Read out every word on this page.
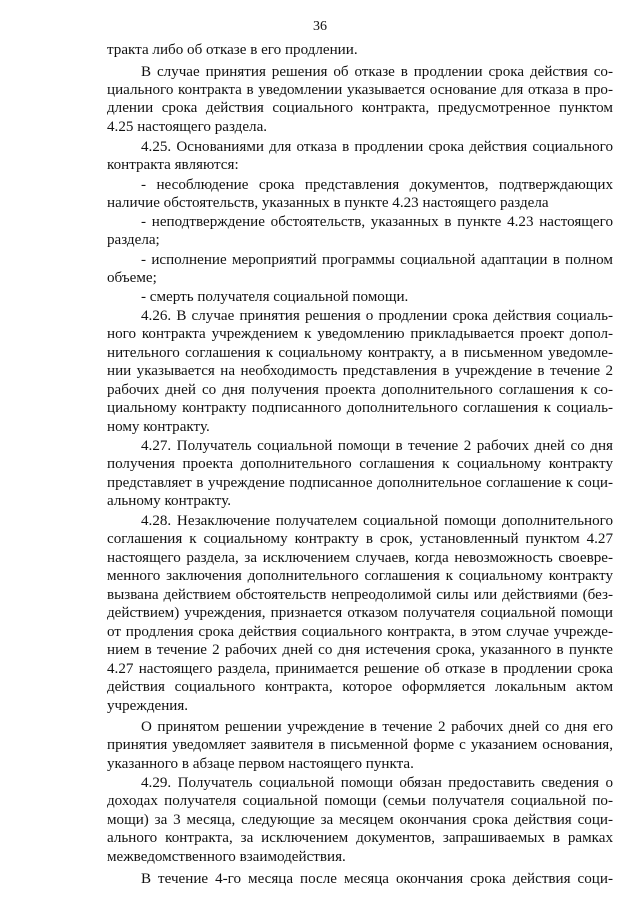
36
тракта либо об отказе в его продлении.
В случае принятия решения об отказе в продлении срока действия со-
циального контракта в уведомлении указывается основание для отказа в про-
длении срока действия социального контракта, предусмотренное пунктом
4.25 настоящего раздела.
4.25. Основаниями для отказа в продлении срока действия социального
контракта являются:
- несоблюдение срока представления документов, подтверждающих
наличие обстоятельств, указанных в пункте 4.23 настоящего раздела
- неподтверждение обстоятельств, указанных в пункте 4.23 настоящего
раздела;
- исполнение мероприятий программы социальной адаптации в полном
объеме;
- смерть получателя социальной помощи.
4.26. В случае принятия решения о продлении срока действия социаль-
ного контракта учреждением к уведомлению прикладывается проект допол-
нительного соглашения к социальному контракту, а в письменном уведомле-
нии указывается на необходимость представления в учреждение в течение 2
рабочих дней со дня получения проекта дополнительного соглашения к со-
циальному контракту подписанного дополнительного соглашения к социаль-
ному контракту.
4.27. Получатель социальной помощи в течение 2 рабочих дней со дня
получения проекта дополнительного соглашения к социальному контракту
представляет в учреждение подписанное дополнительное соглашение к соци-
альному контракту.
4.28. Незаключение получателем социальной помощи дополнительного
соглашения к социальному контракту в срок, установленный пунктом 4.27
настоящего раздела, за исключением случаев, когда невозможность своевре-
менного заключения дополнительного соглашения к социальному контракту
вызвана действием обстоятельств непреодолимой силы или действиями (без-
действием) учреждения, признается отказом получателя социальной помощи
от продления срока действия социального контракта, в этом случае учрежде-
нием в течение 2 рабочих дней со дня истечения срока, указанного в пункте
4.27 настоящего раздела, принимается решение об отказе в продлении срока
действия социального контракта, которое оформляется локальным актом
учреждения.
О принятом решении учреждение в течение 2 рабочих дней со дня его
принятия уведомляет заявителя в письменной форме с указанием основания,
указанного в абзаце первом настоящего пункта.
4.29. Получатель социальной помощи обязан предоставить сведения о
доходах получателя социальной помощи (семьи получателя социальной по-
мощи) за 3 месяца, следующие за месяцем окончания срока действия соци-
ального контракта, за исключением документов, запрашиваемых в рамках
межведомственного взаимодействия.
В течение 4-го месяца после месяца окончания срока действия соци-
